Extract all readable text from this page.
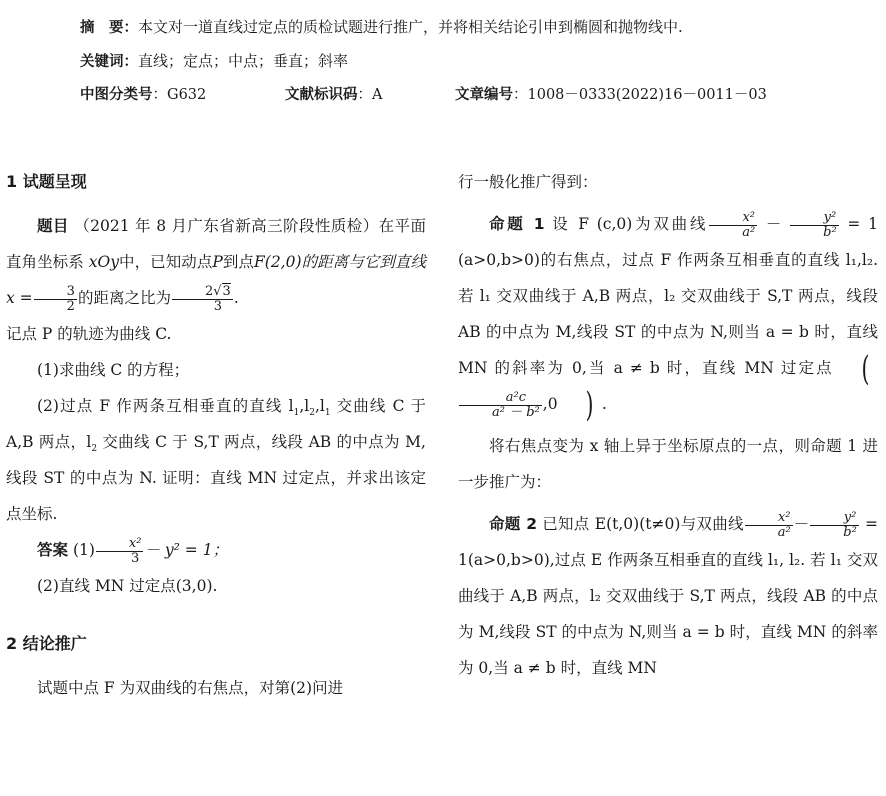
摘　要：本文对一道直线过定点的质检试题进行推广，并将相关结论引申到椭圆和抛物线中.
关键词：直线；定点；中点；垂直；斜率
中图分类号：G632	文献标识码：A	文章编号：1008－0333(2022)16－0011－03
1 试题呈现

题目 （2021 年 8 月广东省新高三阶段性质检）在平面直角坐标系 xOy中，已知动点P到点F(2,0)的距离与它到直线$x = \frac{3}{2}$ 的距离之比为 $\frac{2√3}{3}$ .

记点 P 的轨迹为曲线 C.

(1)求曲线 C 的方程；

(2)过点 F 作两条互相垂直的直线 $l_1,l_2,l_1$ 交曲线 C 于 A,B 两点，$l_2$ 交曲线 C 于 S,T 两点，线段 AB 的中点为 M,线段 ST 的中点为 N. 证明：直线 MN 过定点，并求出该定点坐标.

答案 $(1) \frac{\text{x²}}{3} - y^2 = 1$；

(2)直线 MN 过定点(3,0).

2 结论推广

试题中点 F 为双曲线的右焦点，对第(2)问进

行一般化推广得到：

命题 1 设 F (c,0)为双曲线 $\frac{\text{x²}}{\text{a²}} - \frac{\text{y²}}{\text{b²}} = 1$ (a>0,b>0)的右焦点，过点 F 作两条互相垂直的直线 l₁,l₂. 若 l₁ 交双曲线于 A,B 两点，l₂ 交双曲线于 S,T 两点，线段 AB 的中点为 M,线段 ST 的中点为 N,则当 a = b 时，直线 MN 的斜率为 0,当 a ≠ b 时，直线 MN 过定点 (
$\frac{\text{a²c}}{\text{a² － b²}} ,0$ ) .

将右焦点变为 x 轴上异于坐标原点的一点，则命题 1 进一步推广为：

命题 2 已知点 E(t,0)(t≠0)与双曲线 $\frac{\text{x²}}{\text{a²}} - \frac{\text{y²}}{\text{b²}} = 1(a>0,b>0)$,过点 E 作两条互相垂直的直线 l₁, l₂. 若 l₁ 交双曲线于 A,B 两点，l₂ 交双曲线于 S,T 两点，线段 AB 的中点为 M,线段 ST 的中点为 N,则当 a = b 时，直线 MN 的斜率为 0,当 a ≠ b 时，直线 MN
